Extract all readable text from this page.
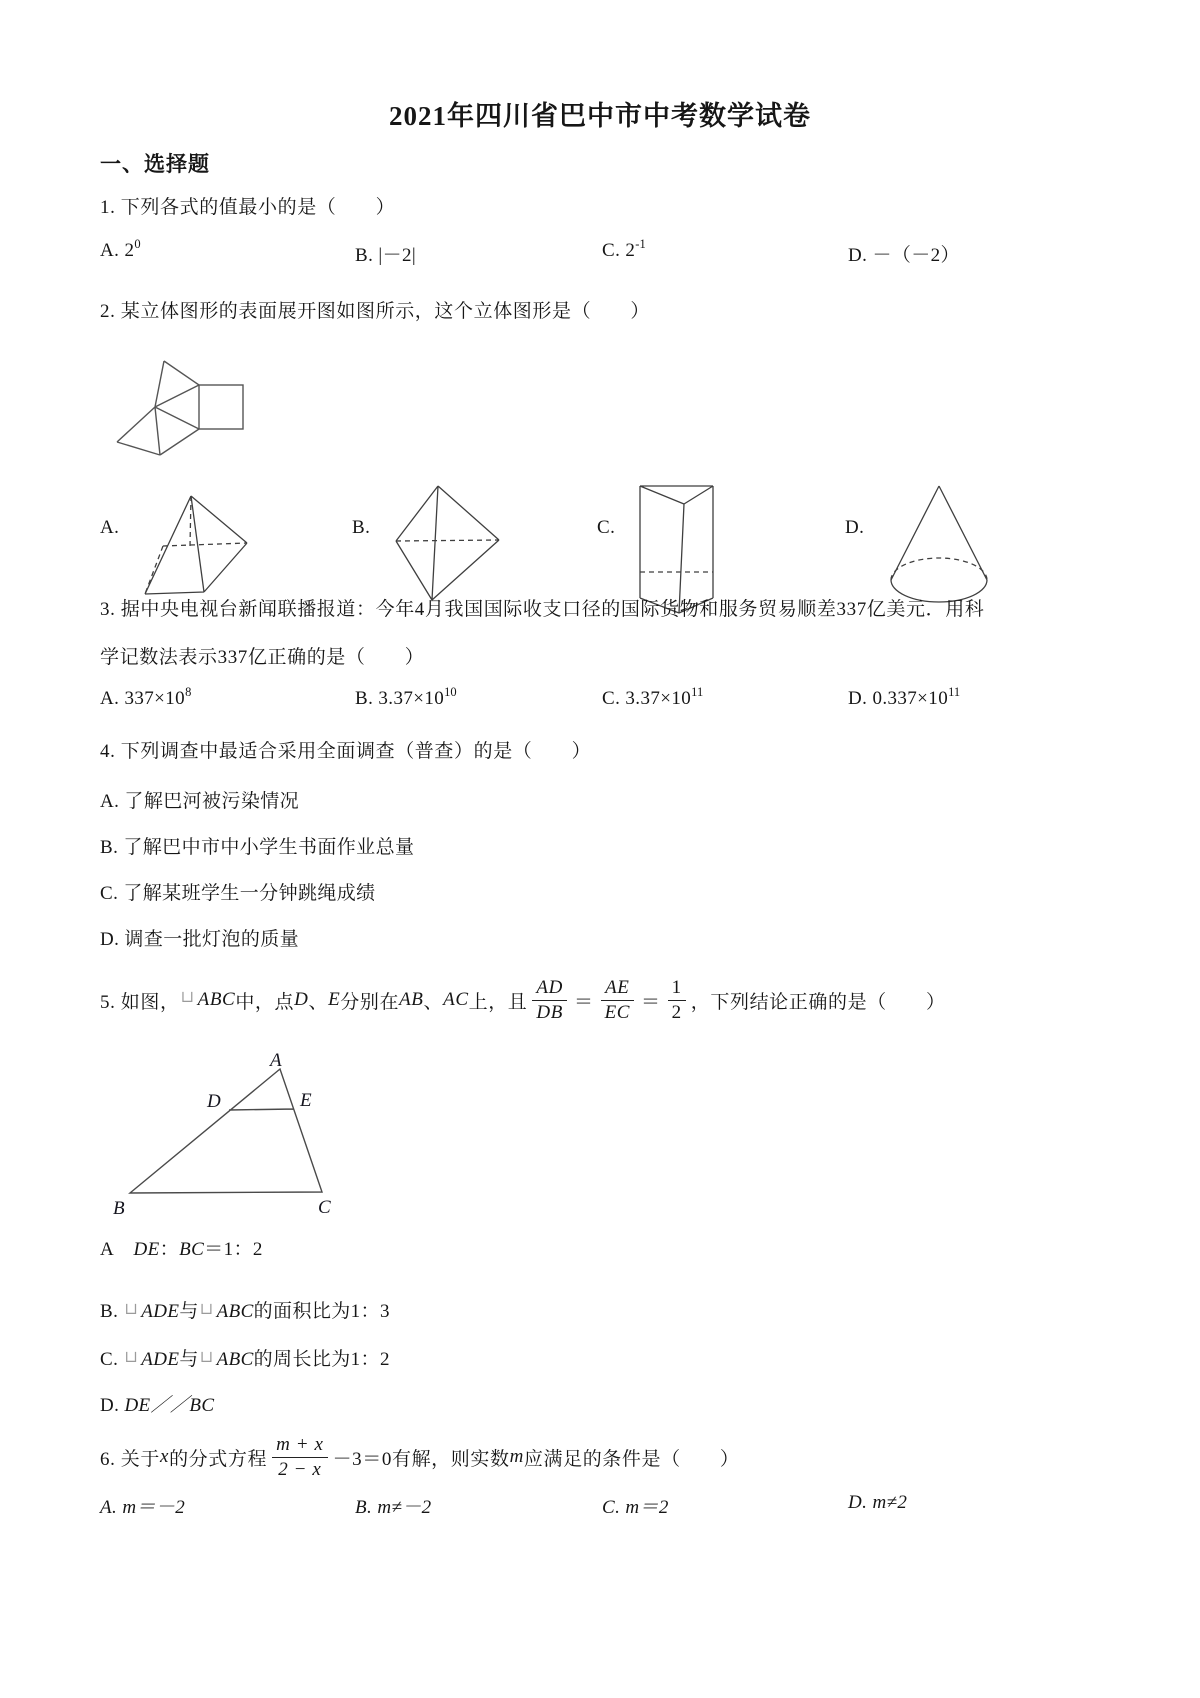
2021年四川省巴中市中考数学试卷
一、选择题
1. 下列各式的值最小的是（　　）
A.  $2^0$
B.  |－2|	C.  $2^{-1}$
D.  －（－2）
2. 某立体图形的表面展开图如图所示，这个立体图形是（　　）
A.	B.	C.	D.
3. 据中央电视台新闻联播报道：今年4月我国国际收支口径的国际货物和服务贸易顺差337亿美元．用科
学记数法表示337亿正确的是（　　）
A.  $337\times 10^8$	B.  $3.37\times 10^{10}$	C.  $3.37\times 10^{11}$	D.  $0.337\times 10^{11}$
4. 下列调查中最适合采用全面调查（普查）的是（　　）
A. 了解巴河被污染情况
B. 了解巴中市中小学生书面作业总量
C. 了解某班学生一分钟跳绳成绩
D. 调查一批灯泡的质量
5. 如图， ⊔ ABC 中，点 D 、 E 分别在 AB 、 AC 上，且 $\frac{AD}{DB} = \frac{AE}{EC} = \frac{1}{2}$ ，下列结论正确的是（　　）
A
B	C
D	E
A  DE：BC＝1：2
B.  ⊔ ADE与⊔ ABC的面积比为1：3
C.  ⊔ ADE与⊔ ABC的周长比为1：2
D.  DE／／BC
6. 关于 x 的分式方程 $\frac{m + x}{2 - x} -3=0$有解，则实数 m 应满足的条件是（　　）
A.  m＝－2	B.  m≠－2	C.  m＝2	D.  m≠2
